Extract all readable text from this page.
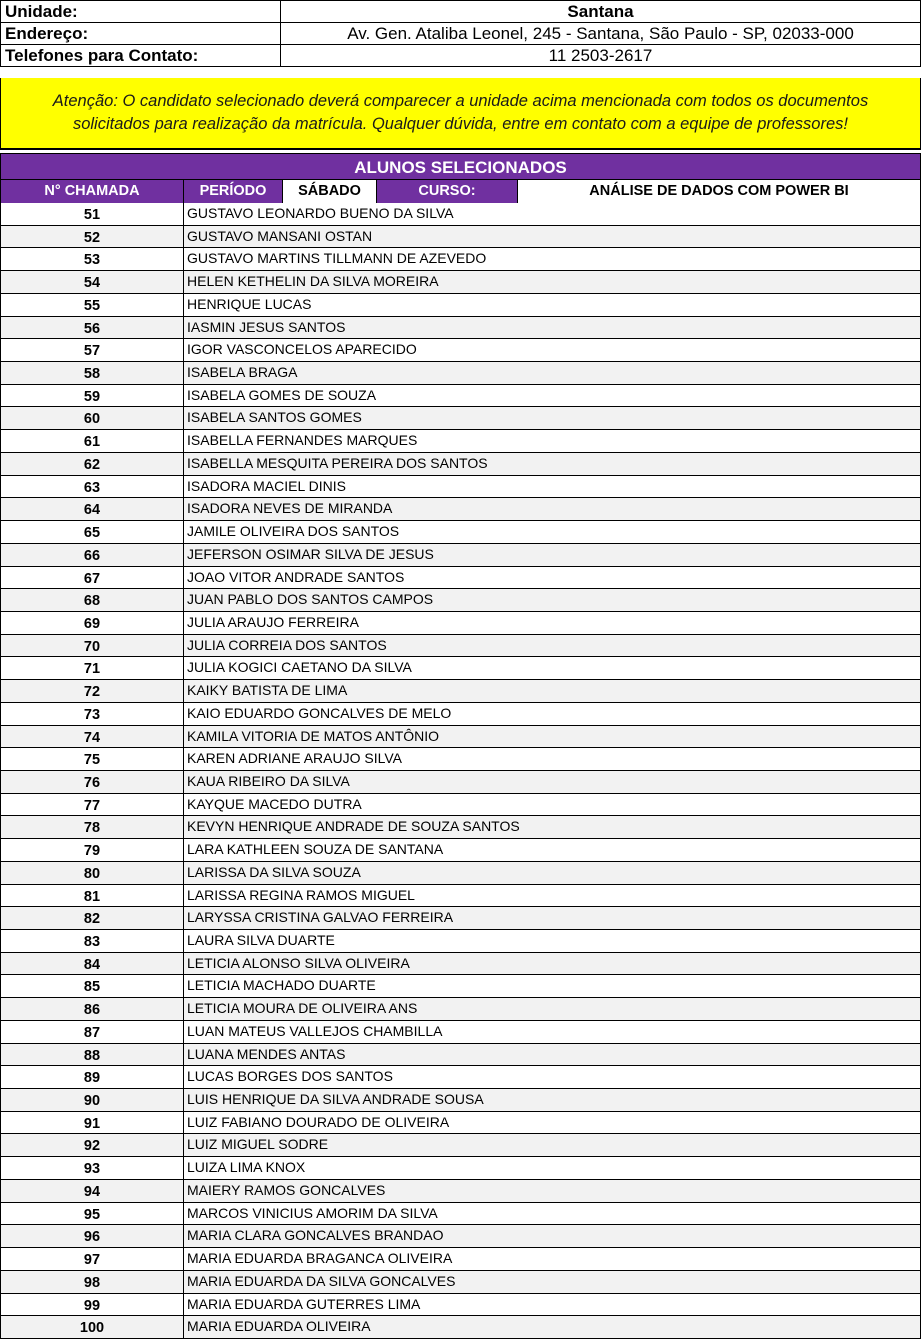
Unidade:	Santana
Endereço:	Av. Gen. Ataliba Leonel, 245 - Santana, São Paulo - SP, 02033-000
Telefones para Contato:	11 2503-2617
Atenção: O candidato selecionado deverá comparecer a unidade acima mencionada com todos os documentos
solicitados para realização da matrícula. Qualquer dúvida, entre em contato com a equipe de professores!
ALUNOS SELECIONADOS
N° CHAMADA	PERÍODO	SÁBADO	CURSO:	ANÁLISE DE DADOS COM POWER BI
51	GUSTAVO LEONARDO BUENO DA SILVA
52	GUSTAVO MANSANI OSTAN
53	GUSTAVO MARTINS TILLMANN DE AZEVEDO
54	HELEN KETHELIN DA SILVA MOREIRA
55	HENRIQUE LUCAS
56	IASMIN JESUS SANTOS
57	IGOR VASCONCELOS APARECIDO
58	ISABELA BRAGA
59	ISABELA GOMES DE SOUZA
60	ISABELA SANTOS GOMES
61	ISABELLA FERNANDES MARQUES
62	ISABELLA MESQUITA PEREIRA DOS SANTOS
63	ISADORA MACIEL DINIS
64	ISADORA NEVES DE MIRANDA
65	JAMILE OLIVEIRA DOS SANTOS
66	JEFERSON OSIMAR SILVA DE JESUS
67	JOAO VITOR ANDRADE SANTOS
68	JUAN PABLO DOS SANTOS CAMPOS
69	JULIA ARAUJO FERREIRA
70	JULIA CORREIA DOS SANTOS
71	JULIA KOGICI CAETANO DA SILVA
72	KAIKY BATISTA DE LIMA
73	KAIO EDUARDO GONCALVES DE MELO
74	KAMILA VITORIA DE MATOS ANTÔNIO
75	KAREN ADRIANE ARAUJO SILVA
76	KAUA RIBEIRO DA SILVA
77	KAYQUE MACEDO DUTRA
78	KEVYN HENRIQUE ANDRADE DE SOUZA SANTOS
79	LARA KATHLEEN SOUZA DE SANTANA
80	LARISSA DA SILVA SOUZA
81	LARISSA REGINA RAMOS MIGUEL
82	LARYSSA CRISTINA GALVAO FERREIRA
83	LAURA SILVA DUARTE
84	LETICIA ALONSO SILVA OLIVEIRA
85	LETICIA MACHADO DUARTE
86	LETICIA MOURA DE OLIVEIRA ANS
87	LUAN MATEUS VALLEJOS CHAMBILLA
88	LUANA MENDES ANTAS
89	LUCAS BORGES DOS SANTOS
90	LUIS HENRIQUE DA SILVA ANDRADE SOUSA
91	LUIZ FABIANO DOURADO DE OLIVEIRA
92	LUIZ MIGUEL SODRE
93	LUIZA LIMA KNOX
94	MAIERY RAMOS GONCALVES
95	MARCOS VINICIUS AMORIM DA SILVA
96	MARIA CLARA GONCALVES BRANDAO
97	MARIA EDUARDA BRAGANCA OLIVEIRA
98	MARIA EDUARDA DA SILVA GONCALVES
99	MARIA EDUARDA GUTERRES LIMA
100	MARIA EDUARDA OLIVEIRA
